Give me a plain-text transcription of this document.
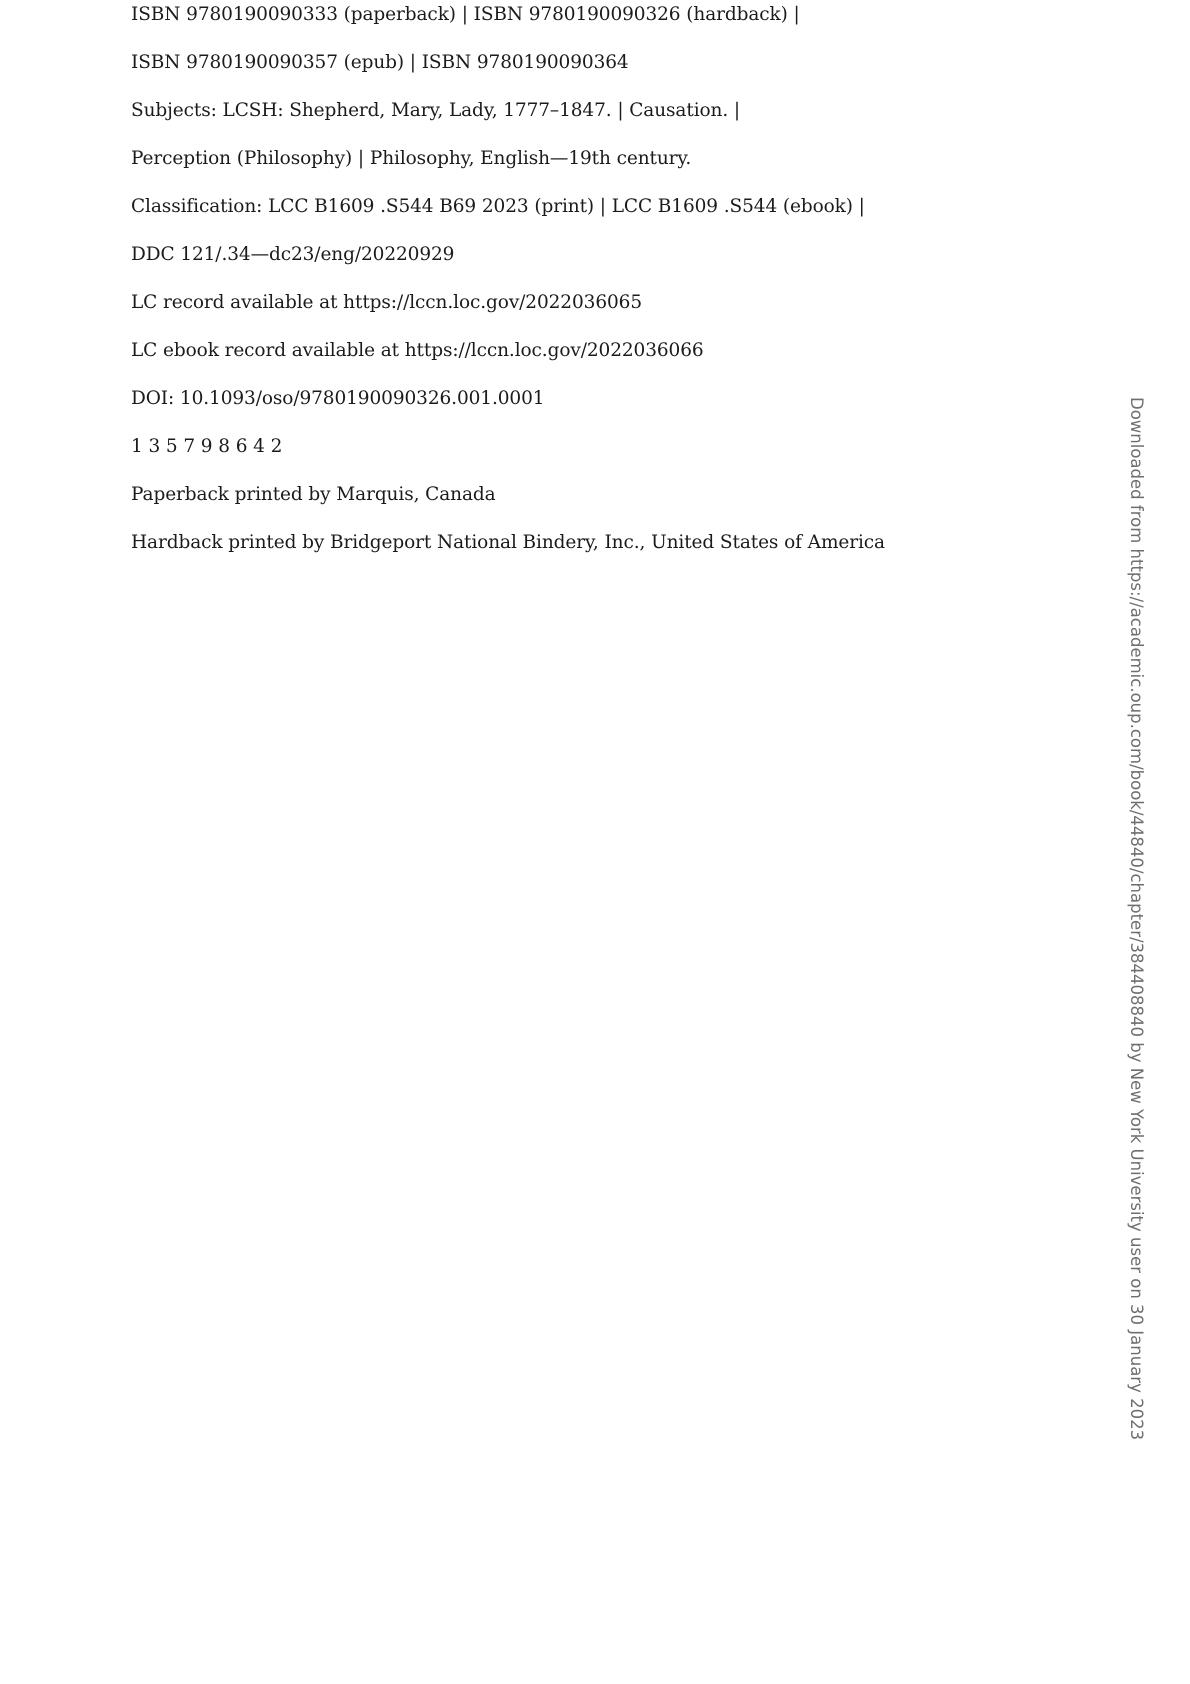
ISBN 9780190090333 (paperback) | ISBN 9780190090326 (hardback) |
ISBN 9780190090357 (epub) | ISBN 9780190090364
Subjects: LCSH: Shepherd, Mary, Lady, 1777–1847. | Causation. |
Perception (Philosophy) | Philosophy, English—19th century.
Classification: LCC B1609 .S544 B69 2023 (print) | LCC B1609 .S544 (ebook) |
DDC 121/.34—dc23/eng/20220929
LC record available at https://lccn.loc.gov/2022036065
LC ebook record available at https://lccn.loc.gov/2022036066
DOI: 10.1093/oso/9780190090326.001.0001
1 3 5 7 9 8 6 4 2
Paperback printed by Marquis, Canada
Hardback printed by Bridgeport National Bindery, Inc., United States of America	Downloaded from https://academic.oup.com/book/44840/chapter/384408840 by New York University user on 30 January 2023
